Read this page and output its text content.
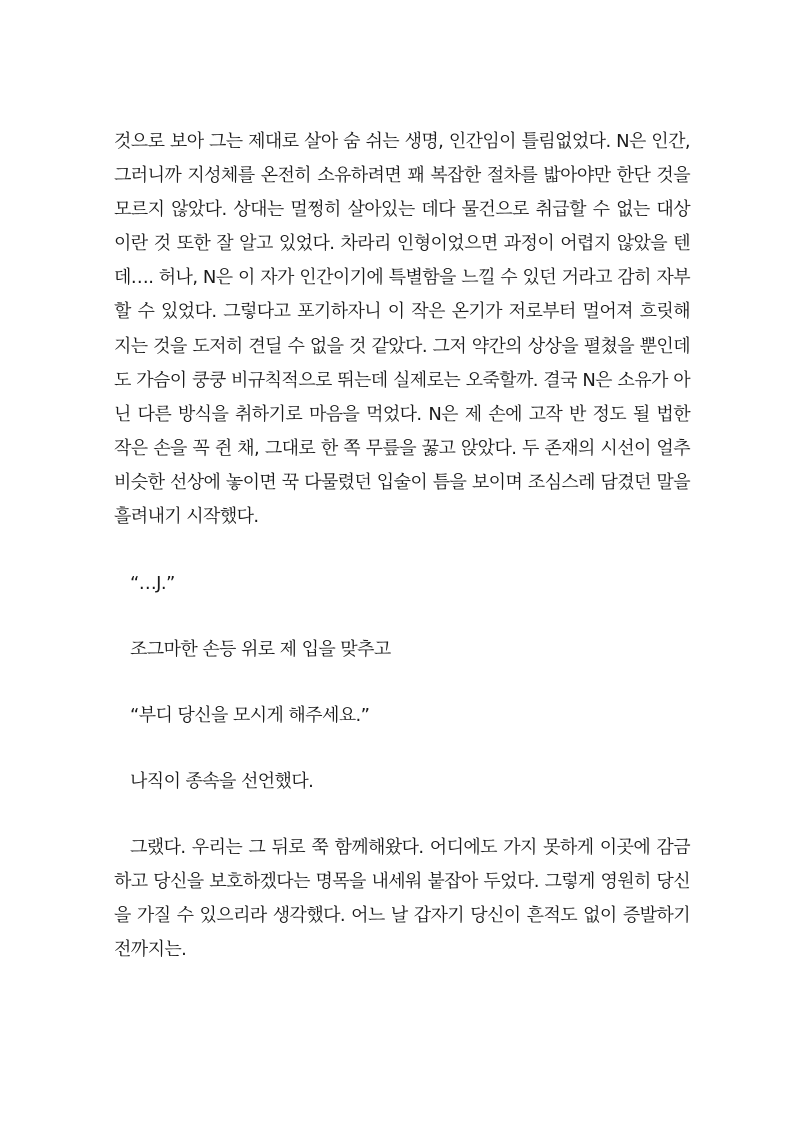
것으로 보아 그는 제대로 살아 숨 쉬는 생명, 인간임이 틀림없었다. N은 인간, 그러니까 지성체를 온전히 소유하려면 꽤 복잡한 절차를 밟아야만 한단 것을 모르지 않았다. 상대는 멀쩡히 살아있는 데다 물건으로 취급할 수 없는 대상이란 것 또한 잘 알고 있었다. 차라리 인형이었으면 과정이 어렵지 않았을 텐데…. 허나, N은 이 자가 인간이기에 특별함을 느낄 수 있던 거라고 감히 자부할 수 있었다. 그렇다고 포기하자니 이 작은 온기가 저로부터 멀어져 흐릿해지는 것을 도저히 견딜 수 없을 것 같았다. 그저 약간의 상상을 펼쳤을 뿐인데도 가슴이 쿵쿵 비규칙적으로 뛰는데 실제로는 오죽할까. 결국 N은 소유가 아닌 다른 방식을 취하기로 마음을 먹었다. N은 제 손에 고작 반 정도 될 법한 작은 손을 꼭 쥔 채, 그대로 한 쪽 무릎을 꿇고 앉았다. 두 존재의 시선이 얼추 비슷한 선상에 놓이면 꾹 다물렸던 입술이 틈을 보이며 조심스레 담겼던 말을 흘려내기 시작했다.

“…J.”

조그마한 손등 위로 제 입을 맞추고

“부디 당신을 모시게 해주세요.”

나직이 종속을 선언했다.

그랬다. 우리는 그 뒤로 쭉 함께해왔다. 어디에도 가지 못하게 이곳에 감금하고 당신을 보호하겠다는 명목을 내세워 붙잡아 두었다. 그렇게 영원히 당신을 가질 수 있으리라 생각했다. 어느 날 갑자기 당신이 흔적도 없이 증발하기 전까지는.
